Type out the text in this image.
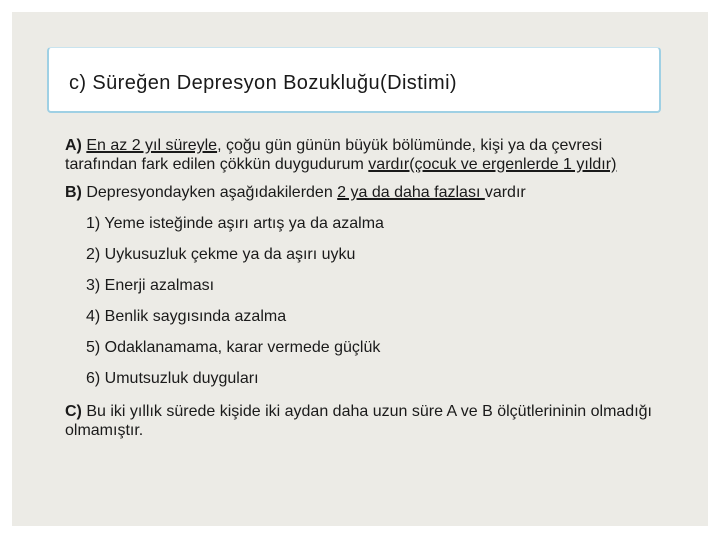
c) Süreğen Depresyon Bozukluğu(Distimi)

A) En az 2 yıl süreyle, çoğu gün günün büyük bölümünde, kişi ya da çevresi tarafından fark edilen çökkün duygudurum vardır(çocuk ve ergenlerde 1 yıldır)

B) Depresyondayken aşağıdakilerden 2 ya da daha fazlası vardır

1) Yeme isteğinde aşırı artış ya da azalma
2) Uykusuzluk çekme ya da aşırı uyku
3) Enerji azalması
4) Benlik saygısında azalma
5) Odaklanamama, karar vermede güçlük
6) Umutsuzluk duyguları

C) Bu iki yıllık sürede kişide iki aydan daha uzun süre A ve B ölçütlerininin olmadığı olmamıştır.
